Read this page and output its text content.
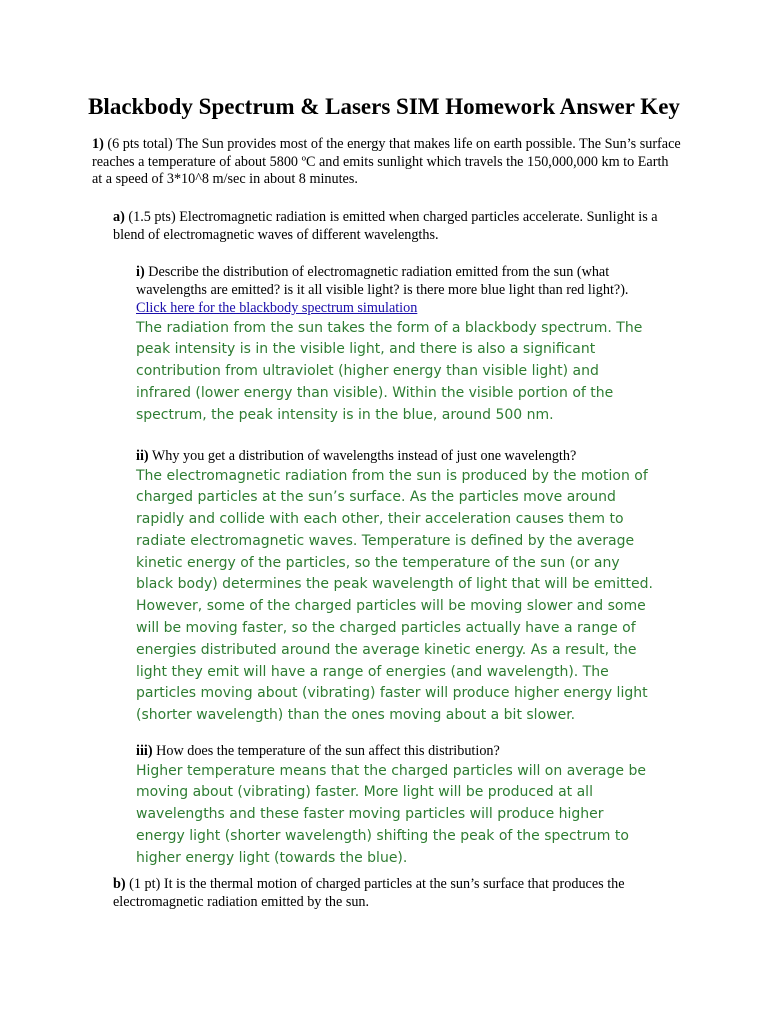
Blackbody Spectrum & Lasers SIM Homework Answer Key

1) (6 pts total) The Sun provides most of the energy that makes life on earth possible. The Sun’s surface reaches a temperature of about 5800 ºC and emits sunlight which travels the 150,000,000 km to Earth at a speed of 3*10^8 m/sec in about 8 minutes.

a) (1.5 pts) Electromagnetic radiation is emitted when charged particles accelerate. Sunlight is a blend of electromagnetic waves of different wavelengths.

i) Describe the distribution of electromagnetic radiation emitted from the sun (what wavelengths are emitted? is it all visible light? is there more blue light than red light?).

Click here for the blackbody spectrum simulation

The radiation from the sun takes the form of a blackbody spectrum. The peak intensity is in the visible light, and there is also a significant contribution from ultraviolet (higher energy than visible light) and infrared (lower energy than visible). Within the visible portion of the spectrum, the peak intensity is in the blue, around 500 nm.

ii) Why you get a distribution of wavelengths instead of just one wavelength?

The electromagnetic radiation from the sun is produced by the motion of charged particles at the sun’s surface. As the particles move around rapidly and collide with each other, their acceleration causes them to radiate electromagnetic waves. Temperature is defined by the average kinetic energy of the particles, so the temperature of the sun (or any black body) determines the peak wavelength of light that will be emitted. However, some of the charged particles will be moving slower and some will be moving faster, so the charged particles actually have a range of energies distributed around the average kinetic energy. As a result, the light they emit will have a range of energies (and wavelength). The particles moving about (vibrating) faster will produce higher energy light (shorter wavelength) than the ones moving about a bit slower.

iii) How does the temperature of the sun affect this distribution?

Higher temperature means that the charged particles will on average be moving about (vibrating) faster. More light will be produced at all wavelengths and these faster moving particles will produce higher energy light (shorter wavelength) shifting the peak of the spectrum to higher energy light (towards the blue).

b) (1 pt) It is the thermal motion of charged particles at the sun’s surface that produces the electromagnetic radiation emitted by the sun.
